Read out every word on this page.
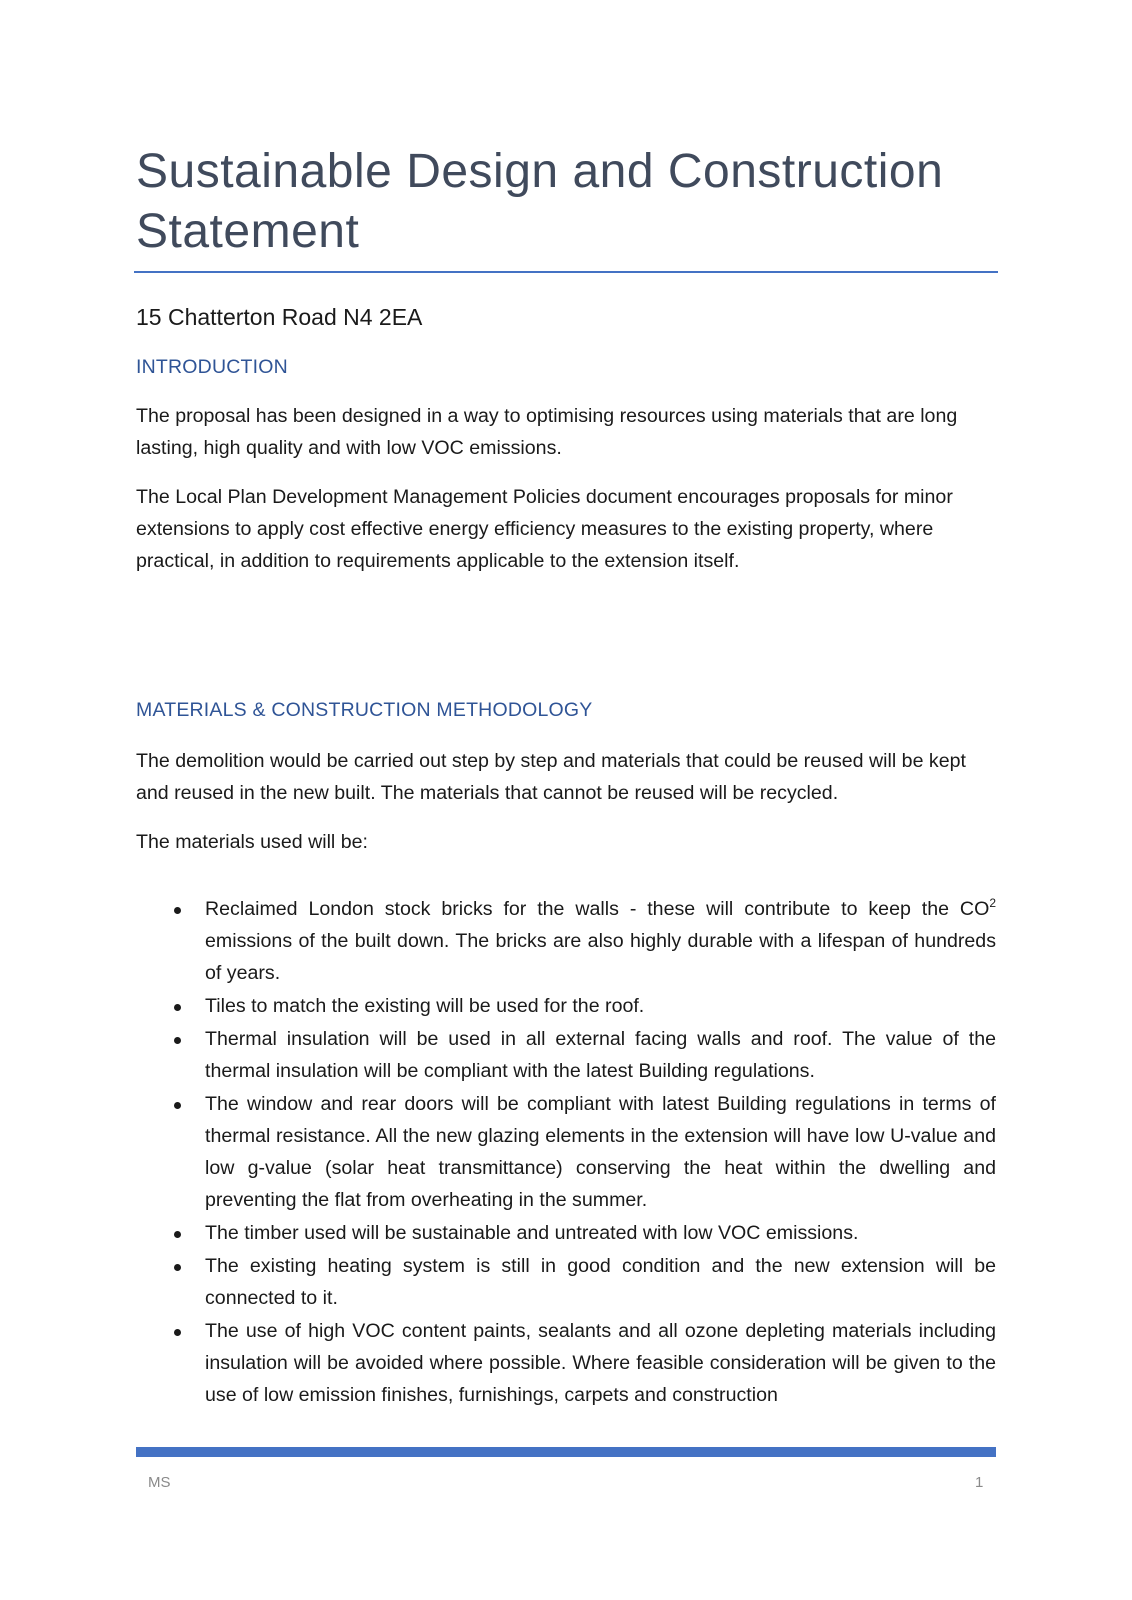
Sustainable Design and Construction Statement
15 Chatterton Road N4 2EA
INTRODUCTION

The proposal has been designed in a way to optimising resources using materials that are long lasting, high quality and with low VOC emissions.

The Local Plan Development Management Policies document encourages proposals for minor extensions to apply cost effective energy efficiency measures to the existing property, where practical, in addition to requirements applicable to the extension itself.

MATERIALS & CONSTRUCTION METHODOLOGY

The demolition would be carried out step by step and materials that could be reused will be kept and reused in the new built. The materials that cannot be reused will be recycled.

The materials used will be:

Reclaimed London stock bricks for the walls - these will contribute to keep the $CO^2$ emissions of the built down. The bricks are also highly durable with a lifespan of hundreds of years.
Tiles to match the existing will be used for the roof.
Thermal insulation will be used in all external facing walls and roof. The value of the thermal insulation will be compliant with the latest Building regulations.
The window and rear doors will be compliant with latest Building regulations in terms of thermal resistance. All the new glazing elements in the extension will have low U-value and low g-value (solar heat transmittance) conserving the heat within the dwelling and preventing the flat from overheating in the summer.
The timber used will be sustainable and untreated with low VOC emissions.
The existing heating system is still in good condition and the new extension will be connected to it.
The use of high VOC content paints, sealants and all ozone depleting materials including insulation will be avoided where possible. Where feasible consideration will be given to the use of low emission finishes, furnishings, carpets and construction
MS	1
